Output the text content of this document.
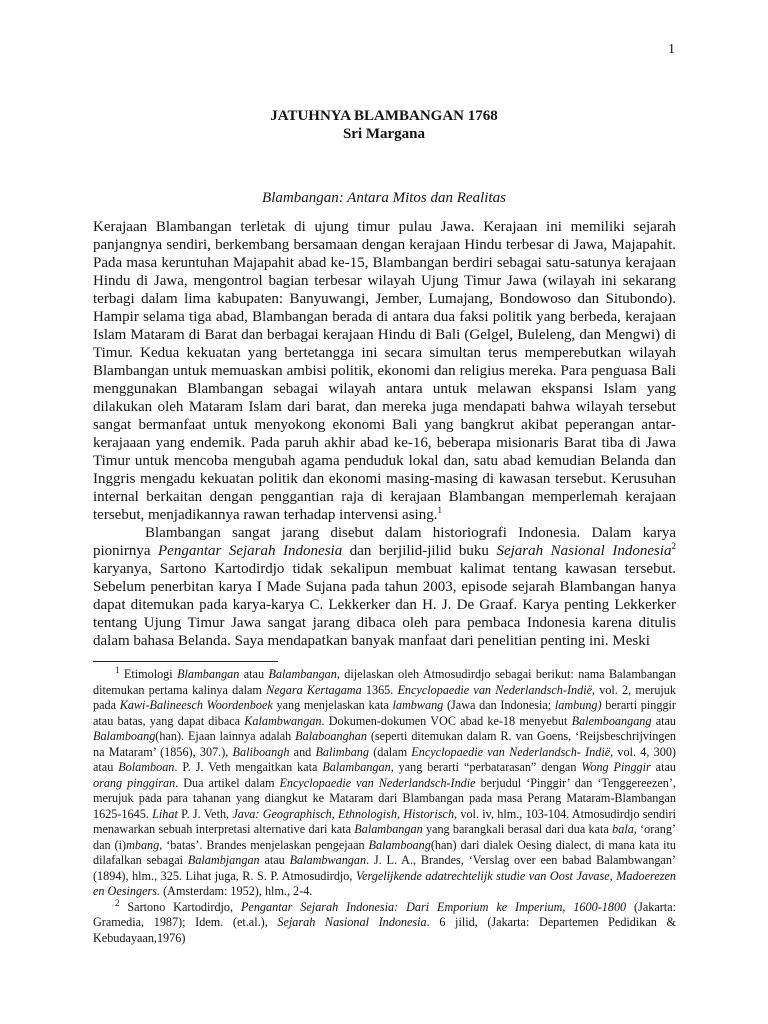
1
JATUHNYA BLAMBANGAN 1768
Sri Margana
Blambangan: Antara Mitos dan Realitas

Kerajaan Blambangan terletak di ujung timur pulau Jawa. Kerajaan ini memiliki sejarah panjangnya sendiri, berkembang bersamaan dengan kerajaan Hindu terbesar di Jawa, Majapahit. Pada masa keruntuhan Majapahit abad ke-15, Blambangan berdiri sebagai satu-satunya kerajaan Hindu di Jawa, mengontrol bagian terbesar wilayah Ujung Timur Jawa (wilayah ini sekarang terbagi dalam lima kabupaten: Banyuwangi, Jember, Lumajang, Bondowoso dan Situbondo). Hampir selama tiga abad, Blambangan berada di antara dua faksi politik yang berbeda, kerajaan Islam Mataram di Barat dan berbagai kerajaan Hindu di Bali (Gelgel, Buleleng, dan Mengwi) di Timur. Kedua kekuatan yang bertetangga ini secara simultan terus memperebutkan wilayah Blambangan untuk memuaskan ambisi politik, ekonomi dan religius mereka. Para penguasa Bali menggunakan Blambangan sebagai wilayah antara untuk melawan ekspansi Islam yang dilakukan oleh Mataram Islam dari barat, dan mereka juga mendapati bahwa wilayah tersebut sangat bermanfaat untuk menyokong ekonomi Bali yang bangkrut akibat peperangan antar-kerajaaan yang endemik. Pada paruh akhir abad ke-16, beberapa misionaris Barat tiba di Jawa Timur untuk mencoba mengubah agama penduduk lokal dan, satu abad kemudian Belanda dan Inggris mengadu kekuatan politik dan ekonomi masing-masing di kawasan tersebut. Kerusuhan internal berkaitan dengan penggantian raja di kerajaan Blambangan memperlemah kerajaan tersebut, menjadikannya rawan terhadap intervensi asing.$^1$

Blambangan sangat jarang disebut dalam historiografi Indonesia. Dalam karya pionirnya Pengantar Sejarah Indonesia dan berjilid-jilid buku Sejarah Nasional Indonesia$^2$ karyanya, Sartono Kartodirdjo tidak sekalipun membuat kalimat tentang kawasan tersebut. Sebelum penerbitan karya I Made Sujana pada tahun 2003, episode sejarah Blambangan hanya dapat ditemukan pada karya-karya C. Lekkerker dan H. J. De Graaf. Karya penting Lekkerker tentang Ujung Timur Jawa sangat jarang dibaca oleh para pembaca Indonesia karena ditulis dalam bahasa Belanda. Saya mendapatkan banyak manfaat dari penelitian penting ini. Meski

$^1$ Etimologi Blambangan atau Balambangan, dijelaskan oleh Atmosudirdjo sebagai berikut: nama Balambangan ditemukan pertama kalinya dalam Negara Kertagama 1365. Encyclopaedie van Nederlandsch-Indië, vol. 2, merujuk pada Kawi-Balineesch Woordenboek yang menjelaskan kata lambwang (Jawa dan Indonesia; lambung) berarti pinggir atau batas, yang dapat dibaca Kalambwangan. Dokumen-dokumen VOC abad ke-18 menyebut Balemboangang atau Balamboang(han). Ejaan lainnya adalah Balaboanghan (seperti ditemukan dalam R. van Goens, ‘Reijsbeschrijvingen na Mataram’ (1856), 307.), Baliboangh and Balimbang (dalam Encyclopaedie van Nederlandsch- Indië, vol. 4, 300) atau Bolamboan. P. J. Veth mengaitkan kata Balambangan, yang berarti “perbatarasan” dengan Wong Pinggir atau orang pinggiran. Dua artikel dalam Encyclopaedie van Nederlandsch-Indie berjudul ‘Pinggir’ dan ‘Tenggereezen’, merujuk pada para tahanan yang diangkut ke Mataram dari Blambangan pada masa Perang Mataram-Blambangan 1625-1645. Lihat P. J. Veth, Java: Geographisch, Ethnologish, Historisch, vol. iv, hlm., 103-104. Atmosudirdjo sendiri menawarkan sebuah interpretasi alternative dari kata Balambangan yang barangkali berasal dari dua kata bala, ‘orang’ dan (i)mbang, ‘batas’. Brandes menjelaskan pengejaan Balamboang(han) dari dialek Oesing dialect, di mana kata itu dilafalkan sebagai Balambjangan atau Balambwangan. J. L. A., Brandes, ‘Verslag over een babad Balambwangan’ (1894), hlm., 325. Lihat juga, R. S. P. Atmosudirdjo, Vergelijkende adatrechtelijk studie van Oost Javase, Madoerezen en Oesingers. (Amsterdam: 1952), hlm., 2-4.

$^2$ Sartono Kartodirdjo, Pengantar Sejarah Indonesia: Dari Emporium ke Imperium, 1600-1800 (Jakarta: Gramedia, 1987); Idem. (et.al.), Sejarah Nasional Indonesia. 6 jilid, (Jakarta: Departemen Pedidikan & Kebudayaan,1976)
